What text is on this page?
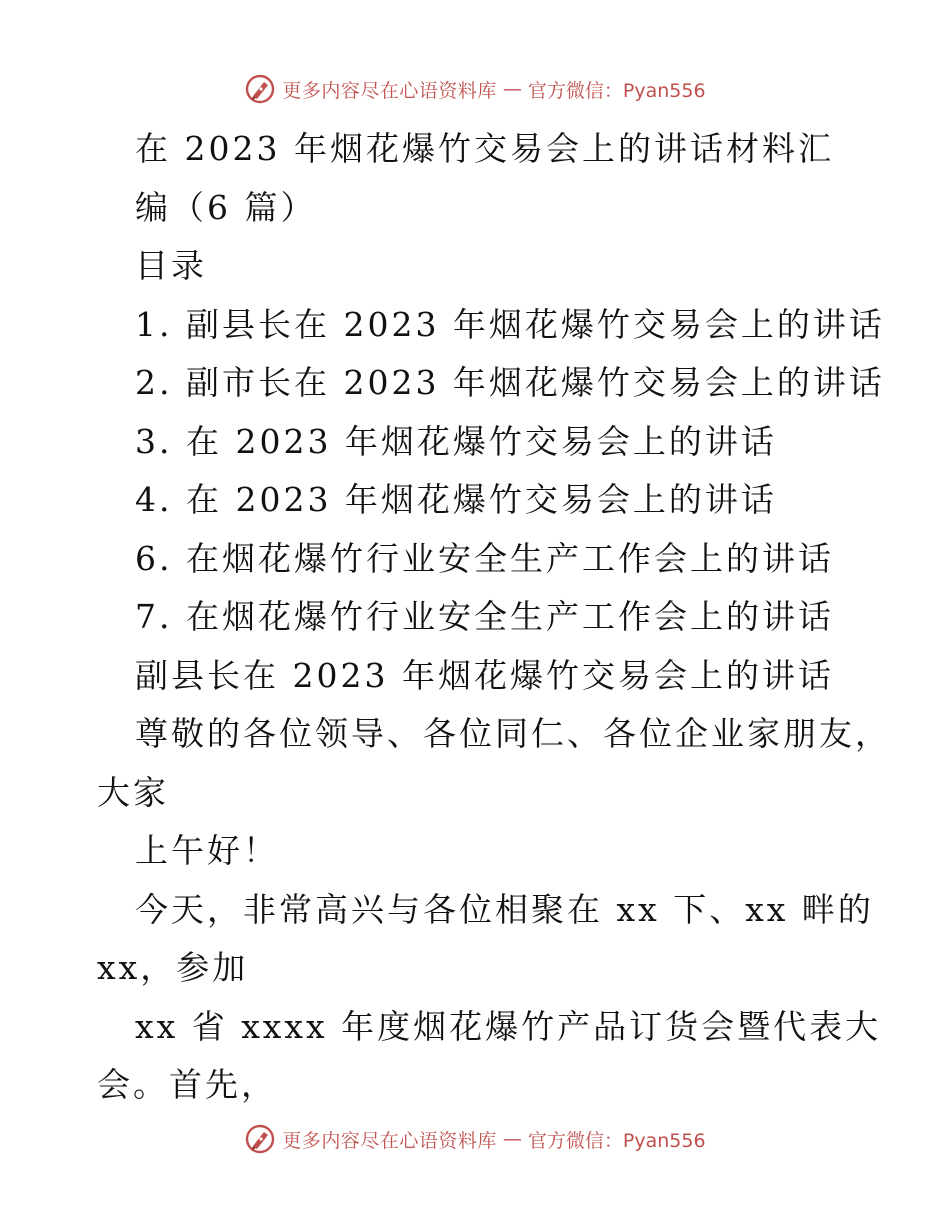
更多内容尽在心语资料库 — 官方微信：Pyan556
在 2023 年烟花爆竹交易会上的讲话材料汇
编（6 篇）
目录
1. 副县长在 2023 年烟花爆竹交易会上的讲话
2. 副市长在 2023 年烟花爆竹交易会上的讲话
3. 在 2023 年烟花爆竹交易会上的讲话
4. 在 2023 年烟花爆竹交易会上的讲话
6. 在烟花爆竹行业安全生产工作会上的讲话
7. 在烟花爆竹行业安全生产工作会上的讲话
副县长在 2023 年烟花爆竹交易会上的讲话
尊敬的各位领导、各位同仁、各位企业家朋友，
大家
上午好！
今天，非常高兴与各位相聚在 xx 下、xx 畔的
xx，参加
xx 省 xxxx 年度烟花爆竹产品订货会暨代表大
会。首先，
更多内容尽在心语资料库 — 官方微信：Pyan556
